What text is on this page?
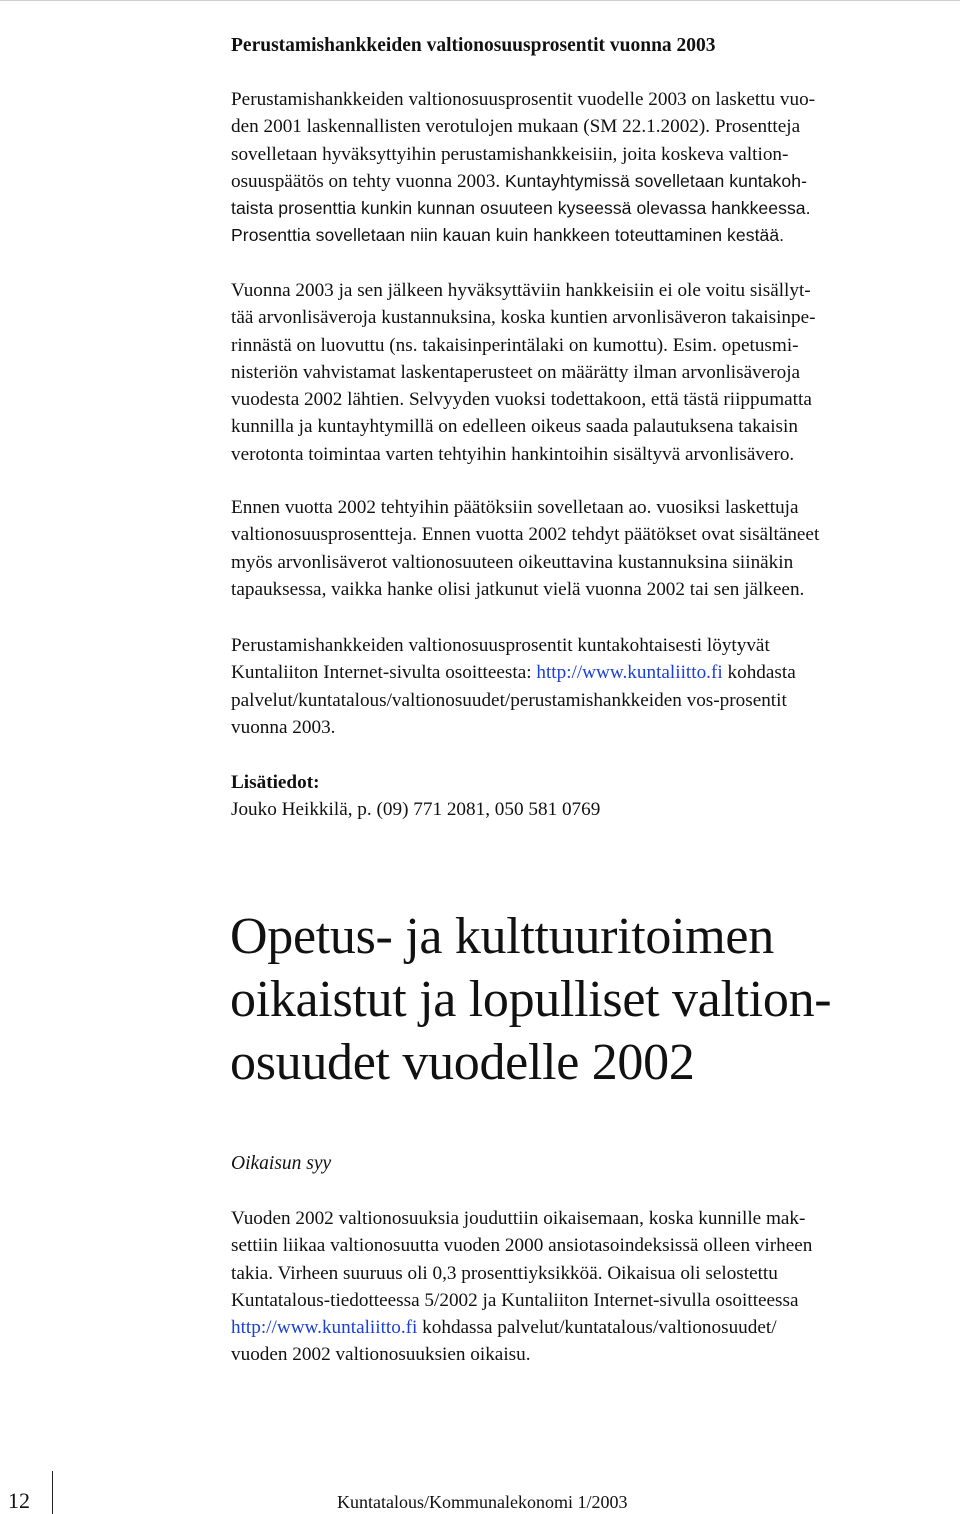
Perustamishankkeiden valtionosuusprosentit vuonna 2003
Perustamishankkeiden valtionosuusprosentit vuodelle 2003 on laskettu vuo-
den 2001 laskennallisten verotulojen mukaan (SM 22.1.2002). Prosentteja
sovelletaan hyväksyttyihin perustamishankkeisiin, joita koskeva valtion-
osuuspäätös on tehty vuonna 2003. Kuntayhtymissä sovelletaan kuntakoh-
taista prosenttia kunkin kunnan osuuteen kyseessä olevassa hankkeessa.
Prosenttia sovelletaan niin kauan kuin hankkeen toteuttaminen kestää.
Vuonna 2003 ja sen jälkeen hyväksyttäviin hankkeisiin ei ole voitu sisällyt-
tää arvonlisäveroja kustannuksina, koska kuntien arvonlisäveron takaisinpe-
rinnästä on luovuttu (ns. takaisinperintälaki on kumottu). Esim. opetusmi-
nisteriön vahvistamat laskentaperusteet on määrätty ilman arvonlisäveroja
vuodesta 2002 lähtien. Selvyyden vuoksi todettakoon, että tästä riippumatta
kunnilla ja kuntayhtymillä on edelleen oikeus saada palautuksena takaisin
verotonta toimintaa varten tehtyihin hankintoihin sisältyvä arvonlisävero.
Ennen vuotta 2002 tehtyihin päätöksiin sovelletaan ao. vuosiksi laskettuja
valtionosuusprosentteja. Ennen vuotta 2002 tehdyt päätökset ovat sisältäneet
myös arvonlisäverot valtionosuuteen oikeuttavina kustannuksina siinäkin
tapauksessa, vaikka hanke olisi jatkunut vielä vuonna 2002 tai sen jälkeen.
Perustamishankkeiden valtionosuusprosentit kuntakohtaisesti löytyvät
Kuntaliiton Internet-sivulta osoitteesta: http://www.kuntaliitto.fi kohdasta
palvelut/kuntatalous/valtionosuudet/perustamishankkeiden vos-prosentit
vuonna 2003.
Lisätiedot:
Jouko Heikkilä, p. (09) 771 2081, 050 581 0769
Opetus- ja kulttuuritoimen
oikaistut ja lopulliset valtion-
osuudet vuodelle 2002
Oikaisun syy
Vuoden 2002 valtionosuuksia jouduttiin oikaisemaan, koska kunnille mak-
settiin liikaa valtionosuutta vuoden 2000 ansiotasoindeksissä olleen virheen
takia. Virheen suuruus oli 0,3 prosenttiyksikköä. Oikaisua oli selostettu
Kuntatalous-tiedotteessa 5/2002 ja Kuntaliiton Internet-sivulla osoitteessa
http://www.kuntaliitto.fi kohdassa palvelut/kuntatalous/valtionosuudet/
vuoden 2002 valtionosuuksien oikaisu.
12	Kuntatalous/Kommunalekonomi 1/2003
